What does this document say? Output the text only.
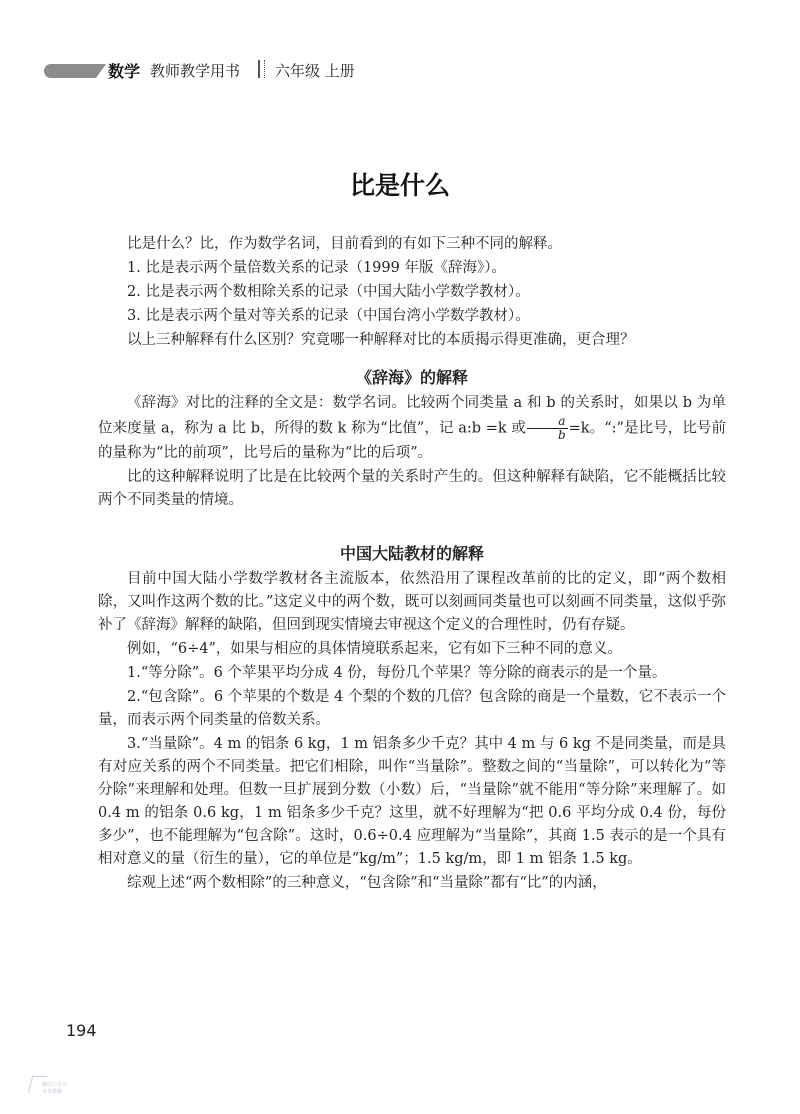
数学 教师教学用书 六年级 上册
比是什么
比是什么？比，作为数学名词，目前看到的有如下三种不同的解释。
1. 比是表示两个量倍数关系的记录（1999 年版《辞海》）。
2. 比是表示两个数相除关系的记录（中国大陆小学数学教材）。
3. 比是表示两个量对等关系的记录（中国台湾小学数学教材）。
以上三种解释有什么区别？究竟哪一种解释对比的本质揭示得更准确，更合理？
《辞海》的解释
《辞海》对比的注释的全文是：数学名词。比较两个同类量 a 和 b 的关系时，如果以 b 为单位来度量 a，称为 a 比 b，所得的数 k 称为“比值”，记 a:b =k 或 $\frac{a}{b} =k$。“:”是比号，比号前的量称为“比的前项”，比号后的量称为“比的后项”。
比的这种解释说明了比是在比较两个量的关系时产生的。但这种解释有缺陷，它不能概括比较两个不同类量的情境。
中国大陆教材的解释
目前中国大陆小学数学教材各主流版本，依然沿用了课程改革前的比的定义，即“两个数相除，又叫作这两个数的比。”这定义中的两个数，既可以刻画同类量也可以刻画不同类量，这似乎弥补了《辞海》解释的缺陷，但回到现实情境去审视这个定义的合理性时，仍有存疑。
例如，“6÷4”，如果与相应的具体情境联系起来，它有如下三种不同的意义。
1.“等分除”。6 个苹果平均分成 4 份，每份几个苹果？等分除的商表示的是一个量。
2.“包含除”。6 个苹果的个数是 4 个梨的个数的几倍？包含除的商是一个量数，它不表示一个量，而表示两个同类量的倍数关系。
3.“当量除”。4 m 的铝条 6 kg，1 m 铝条多少千克？其中 4 m 与 6 kg 不是同类量，而是具有对应关系的两个不同类量。把它们相除，叫作“当量除”。整数之间的“当量除”，可以转化为“等分除”来理解和处理。但数一旦扩展到分数（小数）后，“当量除”就不能用“等分除”来理解了。如 0.4 m 的铝条 0.6 kg，1 m 铝条多少千克？这里，就不好理解为“把 0.6 平均分成 0.4 份，每份多少”，也不能理解为“包含除”。这时，0.6÷0.4 应理解为“当量除”，其商 1.5 表示的是一个具有相对意义的量（衍生的量），它的单位是“kg/m”；1.5 kg/m，即 1 m 铝条 1.5 kg。
综观上述“两个数相除”的三种意义，“包含除”和“当量除”都有“比”的内涵，
194
微信公众号
享受教辅
